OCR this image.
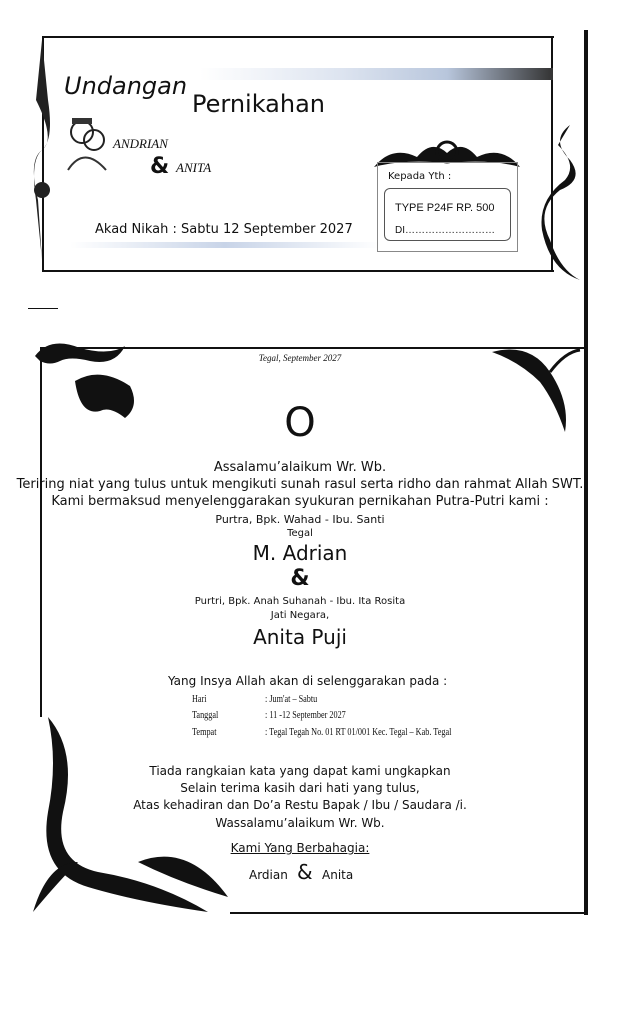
Undangan
Pernikahan
ANDRIAN
& ANITA
Akad Nikah : Sabtu 12 September 2027
Kepada Yth :
TYPE P24F RP. 500
DI………………………
Tegal, September 2027
O
Assalamu’alaikum Wr. Wb.
Teriring niat yang tulus untuk mengikuti sunah rasul serta ridho dan rahmat Allah SWT.
Kami bermaksud menyelenggarakan syukuran pernikahan Putra-Putri kami :
Purtra, Bpk. Wahad - Ibu. Santi
Tegal
M. Adrian
&
Purtri, Bpk. Anah Suhanah - Ibu. Ita Rosita
Jati Negara,
Anita Puji
Yang Insya Allah akan di selenggarakan pada :
Hari	: Jum'at – Sabtu
Tanggal	: 11 -12 September 2027
Tempat	: Tegal Tegah No. 01 RT 01/001 Kec. Tegal – Kab. Tegal
Tiada rangkaian kata yang dapat kami ungkapkan
Selain terima kasih dari hati yang tulus,
Atas kehadiran dan Do’a Restu Bapak / Ibu / Saudara /i.
Wassalamu’alaikum Wr. Wb.
Kami Yang Berbahagia:
Ardian & Anita
